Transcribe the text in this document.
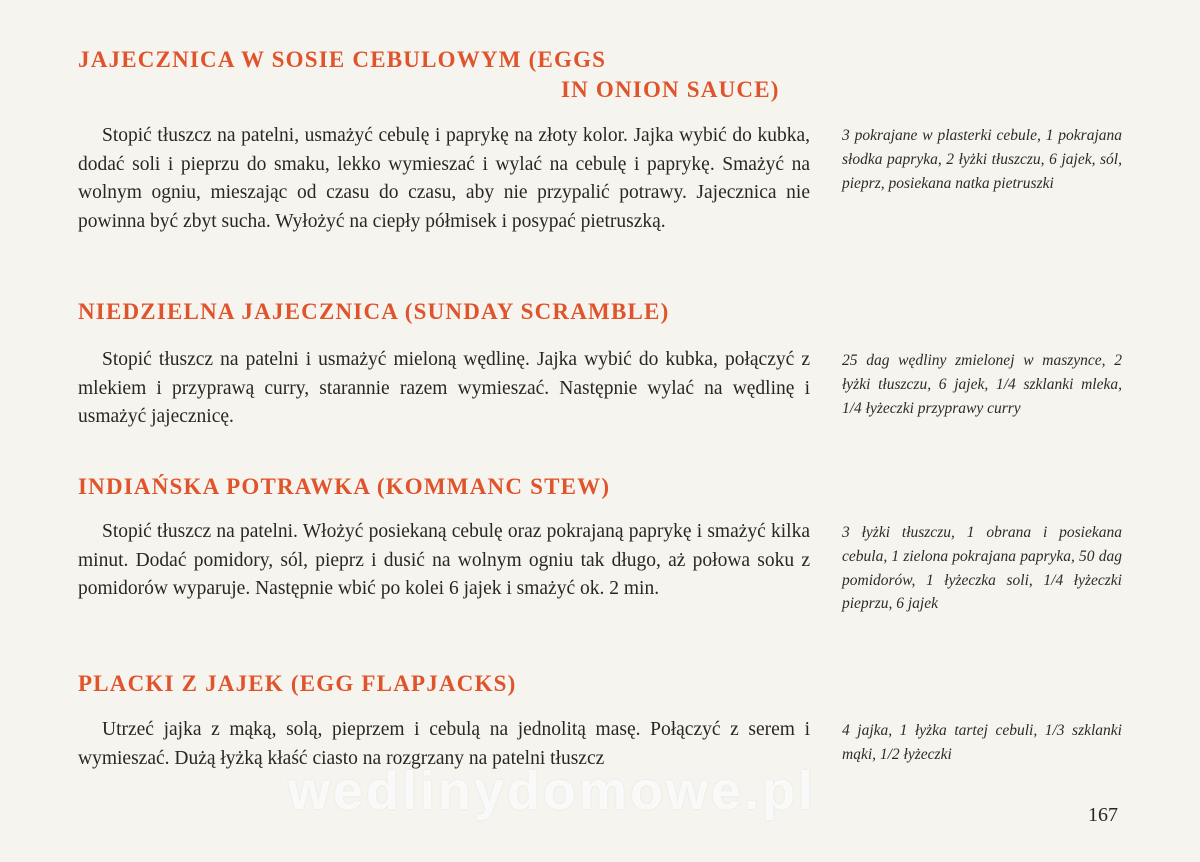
JAJECZNICA W SOSIE CEBULOWYM (EGGS
IN ONION SAUCE)

Stopić tłuszcz na patelni, usmażyć cebulę i paprykę na złoty kolor. Jajka wybić do kubka, dodać soli i pieprzu do smaku, lekko wymieszać i wylać na cebulę i paprykę. Smażyć na wolnym ogniu, mieszając od czasu do czasu, aby nie przypalić potrawy. Jajecznica nie powinna być zbyt sucha. Wyłożyć na ciepły półmisek i posypać pietruszką.

3 pokrajane w plasterki cebule, 1 pokrajana słodka papryka, 2 łyżki tłuszczu, 6 jajek, sól, pieprz, posiekana natka pietruszki

NIEDZIELNA JAJECZNICA (SUNDAY SCRAMBLE)

Stopić tłuszcz na patelni i usmażyć mieloną wędlinę. Jajka wybić do kubka, połączyć z mlekiem i przyprawą curry, starannie razem wymieszać. Następnie wylać na wędlinę i usmażyć jajecznicę.

25 dag wędliny zmielonej w maszynce, 2 łyżki tłuszczu, 6 jajek, 1/4 szklanki mleka, 1/4 łyżeczki przyprawy curry

INDIAŃSKA POTRAWKA (KOMMANC STEW)

Stopić tłuszcz na patelni. Włożyć posiekaną cebulę oraz pokrajaną paprykę i smażyć kilka minut. Dodać pomidory, sól, pieprz i dusić na wolnym ogniu tak długo, aż połowa soku z pomidorów wyparuje. Następnie wbić po kolei 6 jajek i smażyć ok. 2 min.

3 łyżki tłuszczu, 1 obrana i posiekana cebula, 1 zielona pokrajana papryka, 50 dag pomidorów, 1 łyżeczka soli, 1/4 łyżeczki pieprzu, 6 jajek

PLACKI Z JAJEK (EGG FLAPJACKS)

Utrzeć jajka z mąką, solą, pieprzem i cebulą na jednolitą masę. Połączyć z serem i wymieszać. Dużą łyżką kłaść ciasto na rozgrzany na patelni tłuszcz

4 jajka, 1 łyżka tartej cebuli, 1/3 szklanki mąki, 1/2 łyżeczki

wedlinydomowe.pl	167
